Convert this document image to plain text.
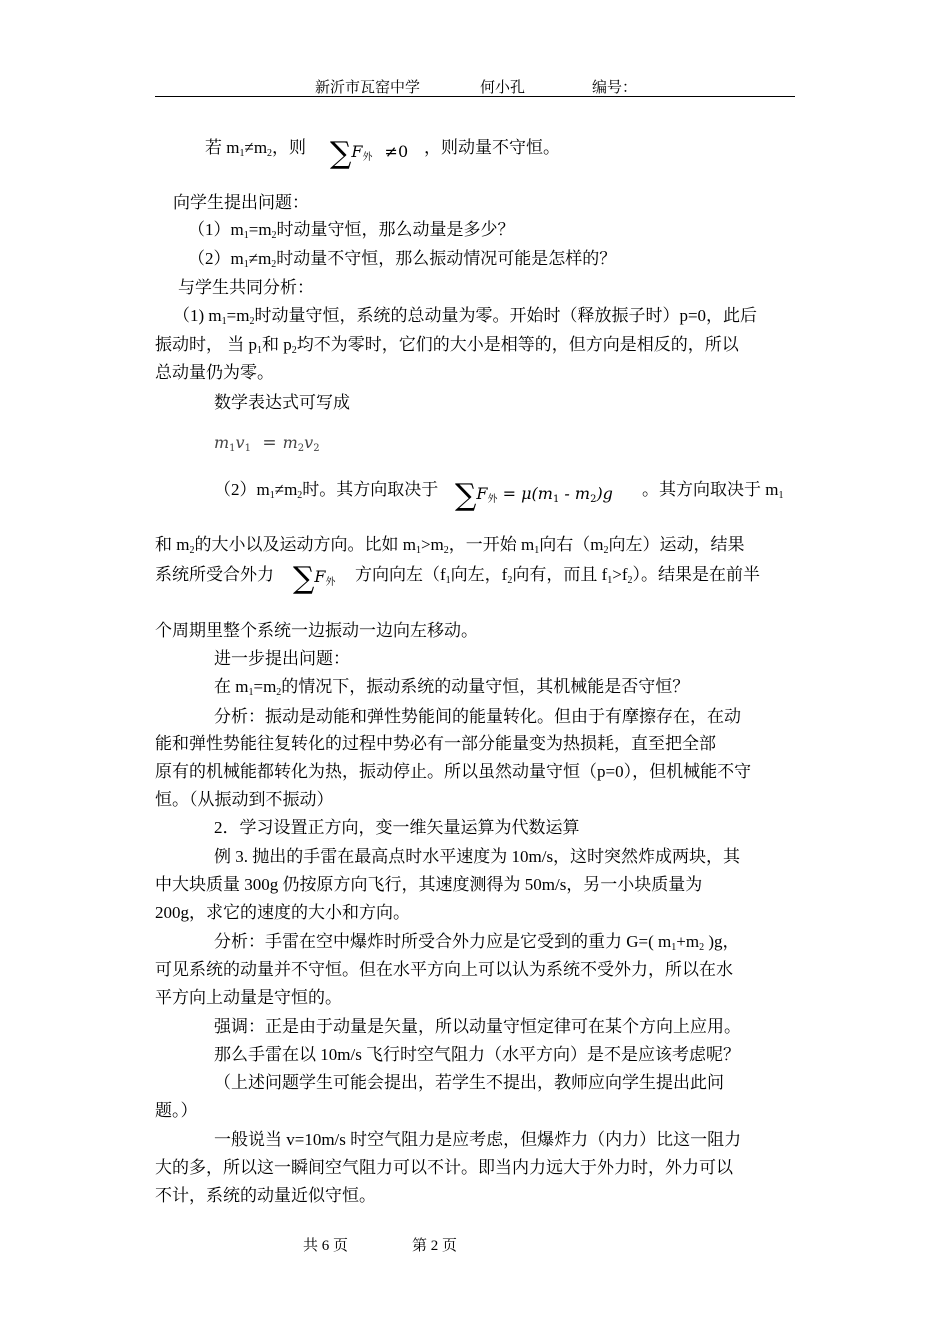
新沂市瓦窑中学	何小孔	编号：
若 $m_1\ne m_2$，则 $\sum F_外 \ne 0$ ，则动量不守恒。
向学生提出问题：
$(1)m_1=m_2$时动量守恒，那么动量是多少？
$(2)m_1\ne m_2$时动量不守恒，那么振动情况可能是怎样的？
与学生共同分析：
（1) $m_1=m_2$时动量守恒，系统的总动量为零。开始时（释放振子时）p=0，此后
振动时， 当 $p_1$和 $p_2$均不为零时，它们的大小是相等的，但方向是相反的，所以
总动量仍为零。
数学表达式可写成
$m_1v_1 = m_2v_2$
$(2)m_1\ne m_2$时。其方向取决于 $\sum F_外 = \mu(m_1 - m_2)g$ 。其方向取决于 $m_1$
和 $m_2$的大小以及运动方向。比如 $m_1>m_2$，一开始 $m_1$向右（$m_2$向左）运动，结果
系统所受合外力 $\sum F_外$ 方向向左（$f_1$向左，$f_2$向有，而且 $f_1>f_2$）。结果是在前半
个周期里整个系统一边振动一边向左移动。
进一步提出问题：
在 $m_1=m_2$的情况下，振动系统的动量守恒，其机械能是否守恒？
分析：振动是动能和弹性势能间的能量转化。但由于有摩擦存在，在动
能和弹性势能往复转化的过程中势必有一部分能量变为热损耗，直至把全部
原有的机械能都转化为热，振动停止。所以虽然动量守恒（p=0），但机械能不守
恒。（从振动到不振动）
2．学习设置正方向，变一维矢量运算为代数运算
例 3. 抛出的手雷在最高点时水平速度为 10m/s，这时突然炸成两块，其
中大块质量 300g 仍按原方向飞行，其速度测得为 50m/s，另一小块质量为
200g，求它的速度的大小和方向。
分析：手雷在空中爆炸时所受合外力应是它受到的重力 G=( $m_1+m_2$ )g，
可见系统的动量并不守恒。但在水平方向上可以认为系统不受外力，所以在水
平方向上动量是守恒的。
强调：正是由于动量是矢量，所以动量守恒定律可在某个方向上应用。
那么手雷在以 10m/s 飞行时空气阻力（水平方向）是不是应该考虑呢？
（上述问题学生可能会提出，若学生不提出，教师应向学生提出此问
题。）
一般说当 v=10m/s 时空气阻力是应考虑，但爆炸力（内力）比这一阻力
大的多，所以这一瞬间空气阻力可以不计。即当内力远大于外力时，外力可以
不计，系统的动量近似守恒。
共 6 页	第 2 页
